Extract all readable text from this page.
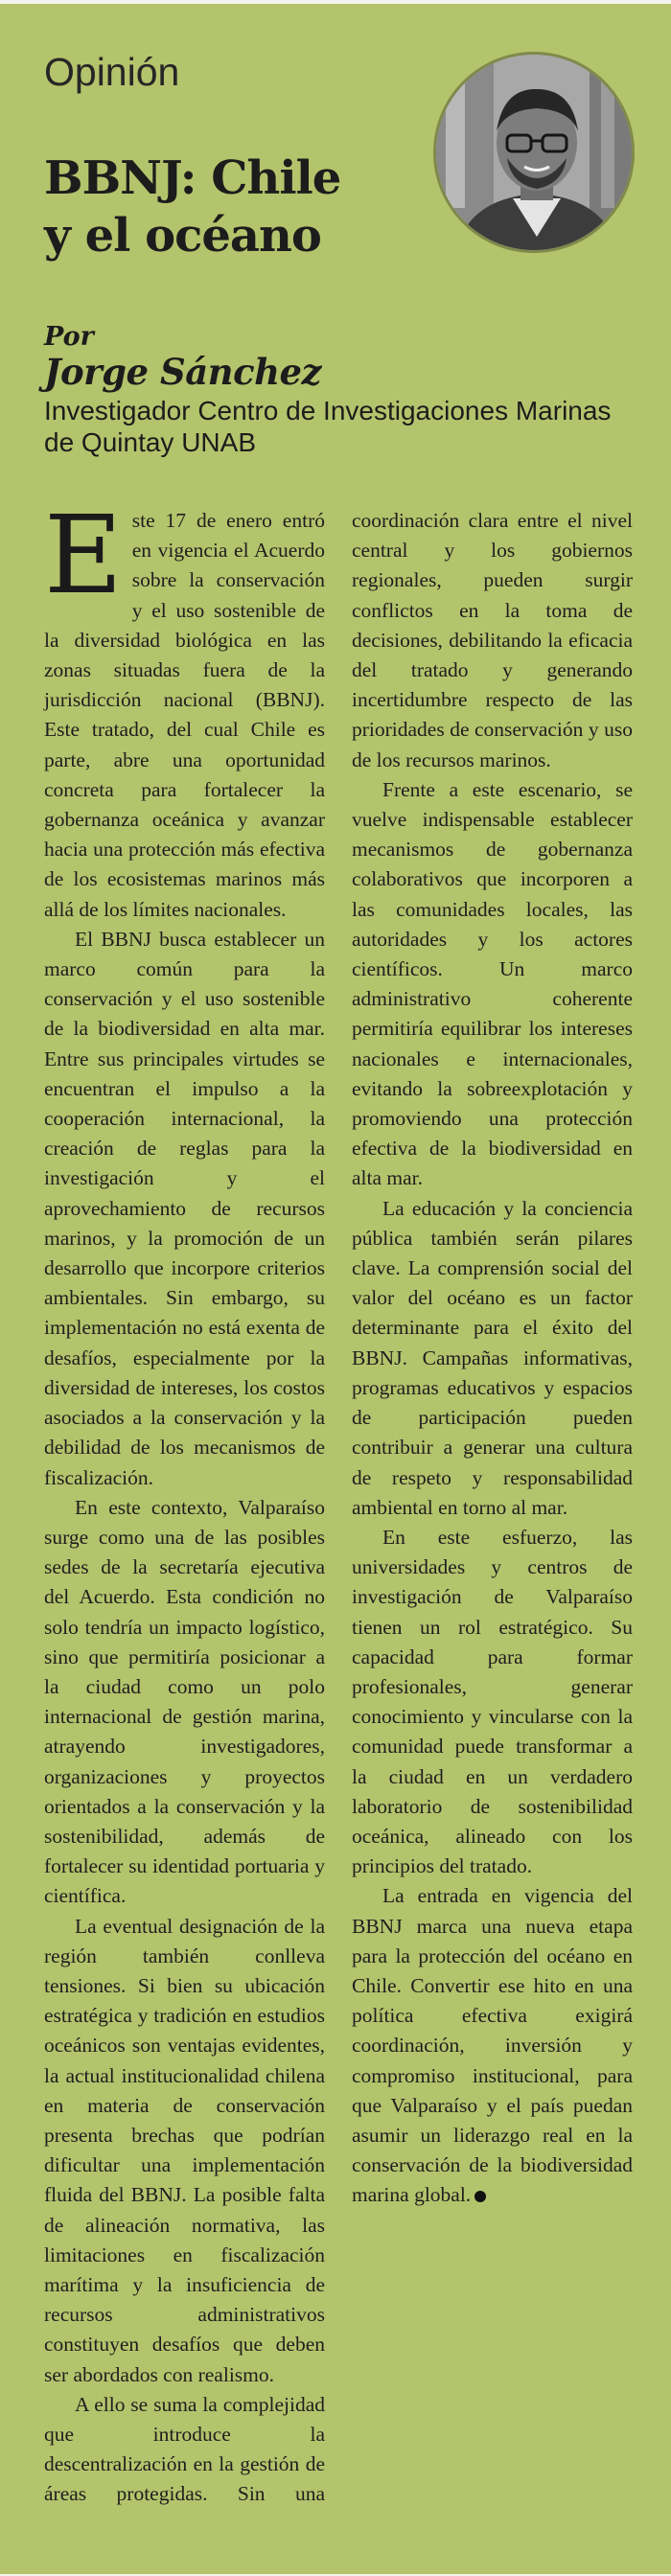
Opinión

BBNJ: Chile
y el océano

Por

Jorge Sánchez

Investigador Centro de Investigaciones Marinas de Quintay UNAB

Este 17 de enero entró en vigencia el Acuerdo sobre la conservación y el uso sostenible de la diversidad biológica en las zonas situadas fuera de la jurisdicción nacional (BBNJ). Este tratado, del cual Chile es parte, abre una oportunidad concreta para fortalecer la gobernanza oceánica y avanzar hacia una protección más efectiva de los ecosistemas marinos más allá de los límites nacionales.

El BBNJ busca establecer un marco común para la conservación y el uso sostenible de la biodiversidad en alta mar. Entre sus principales virtudes se encuentran el impulso a la cooperación internacional, la creación de reglas para la investigación y el aprovechamiento de recursos marinos, y la promoción de un desarrollo que incorpore criterios ambientales. Sin embargo, su implementación no está exenta de desafíos, especialmente por la diversidad de intereses, los costos asociados a la conservación y la debilidad de los mecanismos de fiscalización.

En este contexto, Valparaíso surge como una de las posibles sedes de la secretaría ejecutiva del Acuerdo. Esta condición no solo tendría un impacto logístico, sino que permitiría posicionar a la ciudad como un polo internacional de gestión marina, atrayendo investigadores, organizaciones y proyectos orientados a la conservación y la sostenibilidad, además de fortalecer su identidad portuaria y científica.

La eventual designación de la región también conlleva tensiones. Si bien su ubicación estratégica y tradición en estudios oceánicos son ventajas evidentes, la actual institucionalidad chilena en materia de conservación presenta brechas que podrían dificultar una implementación fluida del BBNJ. La posible falta de alineación normativa, las limitaciones en fiscalización marítima y la insuficiencia de recursos administrativos constituyen desafíos que deben ser abordados con realismo.

A ello se suma la complejidad que introduce la descentralización en la gestión de áreas protegidas. Sin una coordinación clara entre el nivel central y los gobiernos regionales, pueden surgir conflictos en la toma de decisiones, debilitando la eficacia del tratado y generando incertidumbre respecto de las prioridades de conservación y uso de los recursos marinos.

Frente a este escenario, se vuelve indispensable establecer mecanismos de gobernanza colaborativos que incorporen a las comunidades locales, las autoridades y los actores científicos. Un marco administrativo coherente permitiría equilibrar los intereses nacionales e internacionales, evitando la sobreexplotación y promoviendo una protección efectiva de la biodiversidad en alta mar.

La educación y la conciencia pública también serán pilares clave. La comprensión social del valor del océano es un factor determinante para el éxito del BBNJ. Campañas informativas, programas educativos y espacios de participación pueden contribuir a generar una cultura de respeto y responsabilidad ambiental en torno al mar.

En este esfuerzo, las universidades y centros de investigación de Valparaíso tienen un rol estratégico. Su capacidad para formar profesionales, generar conocimiento y vincularse con la comunidad puede transformar a la ciudad en un verdadero laboratorio de sostenibilidad oceánica, alineado con los principios del tratado.

La entrada en vigencia del BBNJ marca una nueva etapa para la protección del océano en Chile. Convertir ese hito en una política efectiva exigirá coordinación, inversión y compromiso institucional, para que Valparaíso y el país puedan asumir un liderazgo real en la conservación de la biodiversidad marina global.
